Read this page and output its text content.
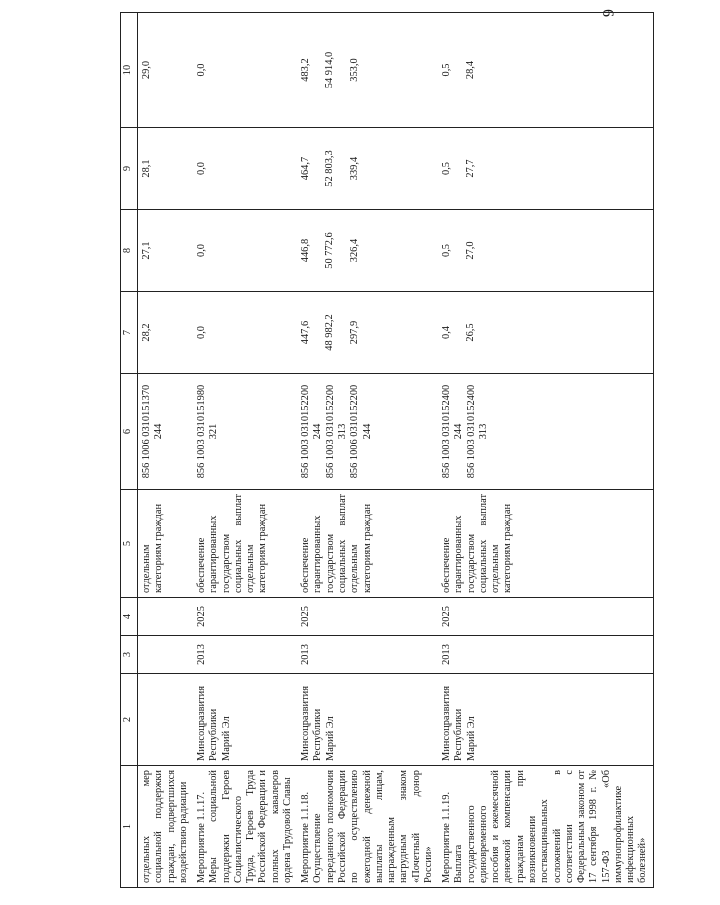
6
1	2	3	4	5	6	7	8	9	10

отдельных мер социальной поддержки граждан, подвергшихся воздействию радиации				отдельным категориям граждан	856 1006 0310151370 244	28,2	27,1	28,1	29,0

Мероприятие 1.1.17. Меры социальной поддержки Героев Социалистического Труда, Героев Труда Российской Федерации и полных кавалеров ордена Трудовой Славы	Минсоцразвития Республики Марий Эл	2013	2025	обеспечение гарантированных государством социальных выплат отдельным категориям граждан	856 1003 0310151980 321	0,0	0,0	0,0	0,0

Мероприятие 1.1.18. Осуществление переданного полномочия Российской Федерации по осуществлению ежегодной денежной выплаты лицам, награжденным нагрудным знаком «Почетный донор России»	Минсоцразвития Республики Марий Эл	2013	2025	обеспечение гарантированных государством социальных выплат отдельным категориям граждан	856 1003 0310152200 244 856 1003 0310152200 313 856 1006 0310152200 244	447,6 48 982,2 297,9	446,8 50 772,6 326,4	464,7 52 803,3 339,4	483,2 54 914,0 353,0

Мероприятие 1.1.19. Выплата государственного единовременного пособия и ежемесячной денежной компенсации гражданам при возникновении поствакцинальных осложнений в соответствии с Федеральным законом от 17 сентября 1998 г. № 157-ФЗ «Об иммунопрофилактике инфекционных болезней»	Минсоцразвития Республики Марий Эл	2013	2025	обеспечение гарантированных государством социальных выплат отдельным категориям граждан	856 1003 0310152400 244 856 1003 0310152400 313	0,4 26,5	0,5 27,0	0,5 27,7	0,5 28,4
